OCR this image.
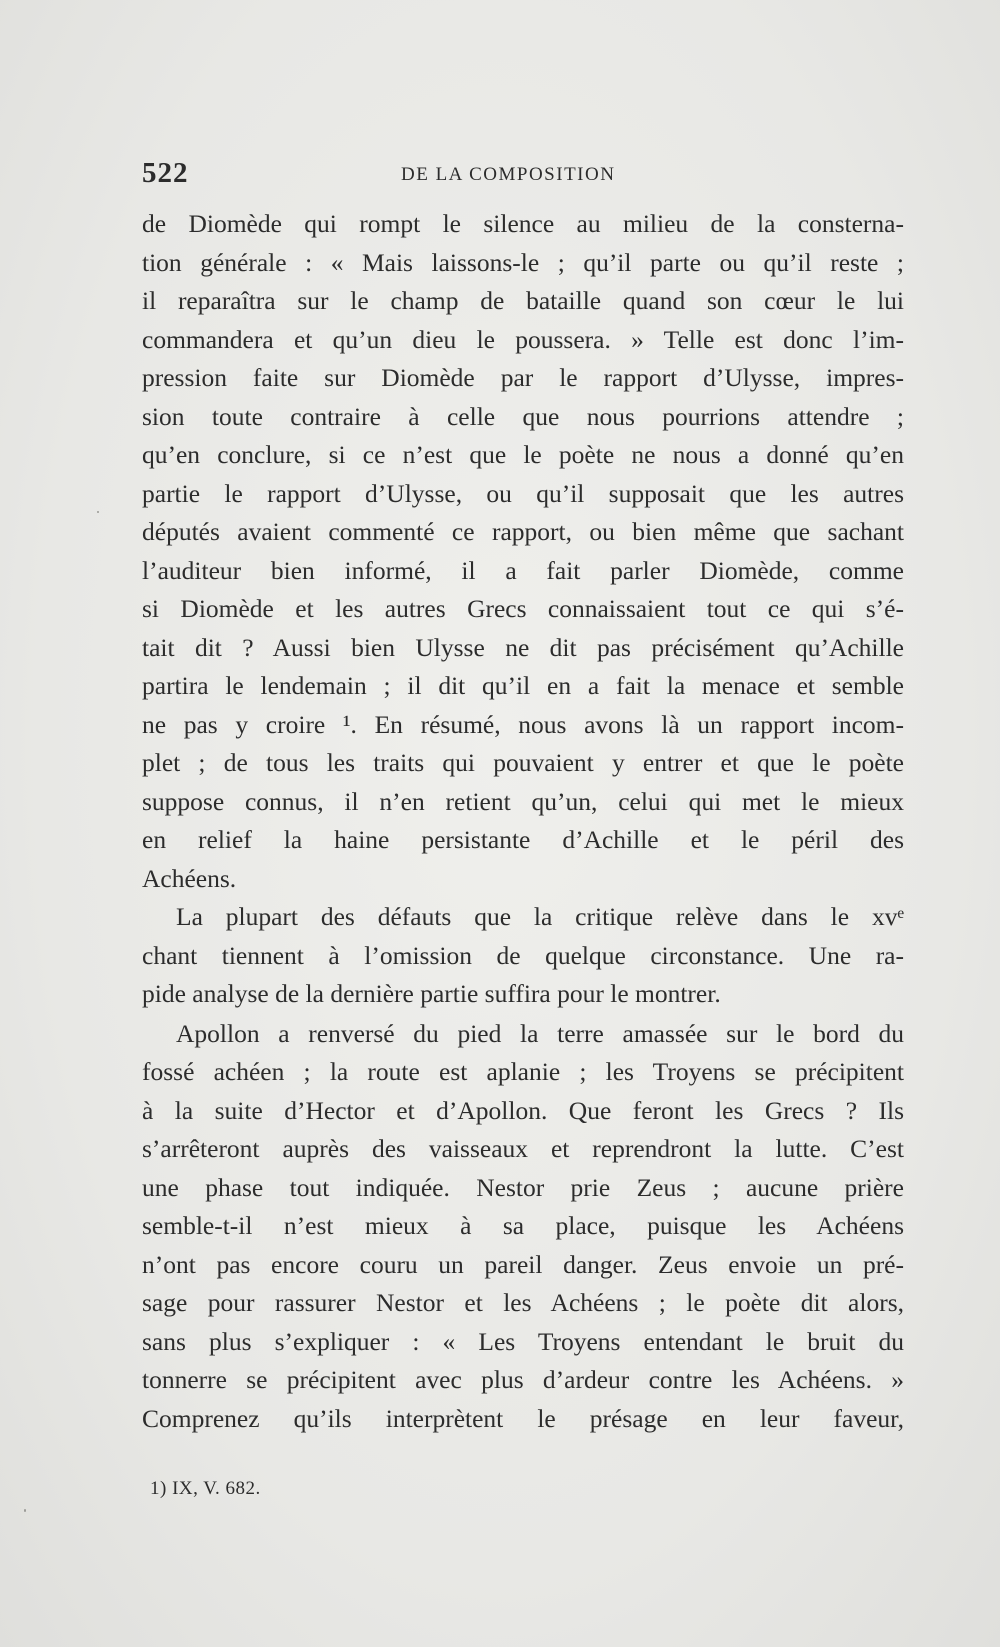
522	DE LA COMPOSITION
de Diomède qui rompt le silence au milieu de la consterna-
tion générale : « Mais laissons-le ; qu’il parte ou qu’il reste ;
il reparaîtra sur le champ de bataille quand son cœur le lui
commandera et qu’un dieu le poussera. » Telle est donc l’im-
pression faite sur Diomède par le rapport d’Ulysse, impres-
sion toute contraire à celle que nous pourrions attendre ;
qu’en conclure, si ce n’est que le poète ne nous a donné qu’en
partie le rapport d’Ulysse, ou qu’il supposait que les autres
députés avaient commenté ce rapport, ou bien même que sachant
l’auditeur bien informé, il a fait parler Diomède, comme
si Diomède et les autres Grecs connaissaient tout ce qui s’é-
tait dit ? Aussi bien Ulysse ne dit pas précisément qu’Achille
partira le lendemain ; il dit qu’il en a fait la menace et semble
ne pas y croire ¹. En résumé, nous avons là un rapport incom-
plet ; de tous les traits qui pouvaient y entrer et que le poète
suppose connus, il n’en retient qu’un, celui qui met le mieux
en relief la haine persistante d’Achille et le péril des
Achéens.
La plupart des défauts que la critique relève dans le xvᵉ
chant tiennent à l’omission de quelque circonstance. Une ra-
pide analyse de la dernière partie suffira pour le montrer.
Apollon a renversé du pied la terre amassée sur le bord du
fossé achéen ; la route est aplanie ; les Troyens se précipitent
à la suite d’Hector et d’Apollon. Que feront les Grecs ? Ils
s’arrêteront auprès des vaisseaux et reprendront la lutte. C’est
une phase tout indiquée. Nestor prie Zeus ; aucune prière
semble-t-il n’est mieux à sa place, puisque les Achéens
n’ont pas encore couru un pareil danger. Zeus envoie un pré-
sage pour rassurer Nestor et les Achéens ; le poète dit alors,
sans plus s’expliquer : « Les Troyens entendant le bruit du
tonnerre se précipitent avec plus d’ardeur contre les Achéens. »
Comprenez qu’ils interprètent le présage en leur faveur,
1) IX, V. 682.
